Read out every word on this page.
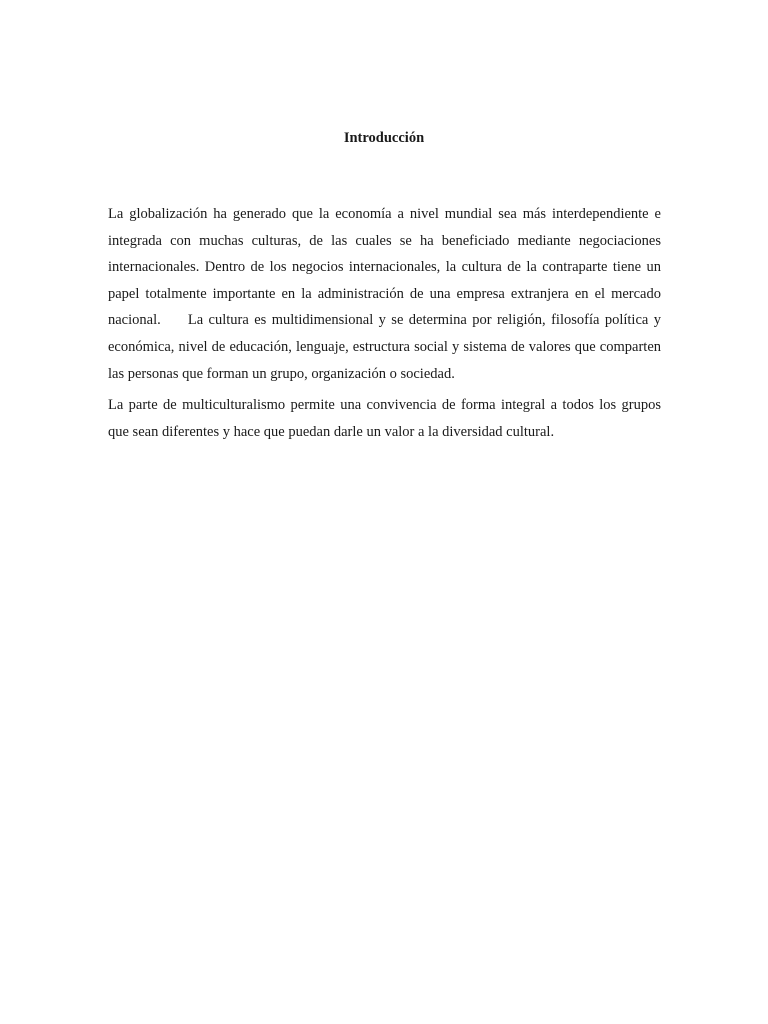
Introducción

La globalización ha generado que la economía a nivel mundial sea más interdependiente e integrada con muchas culturas, de las cuales se ha beneficiado mediante negociaciones internacionales. Dentro de los negocios internacionales, la cultura de la contraparte tiene un papel totalmente importante en la administración de una empresa extranjera en el mercado nacional.     La cultura es multidimensional y se determina por religión, filosofía política y económica, nivel de educación, lenguaje, estructura social y sistema de valores que comparten las personas que forman un grupo, organización o sociedad.

La parte de multiculturalismo permite una convivencia de forma integral a todos los grupos que sean diferentes y hace que puedan darle un valor a la diversidad cultural.
